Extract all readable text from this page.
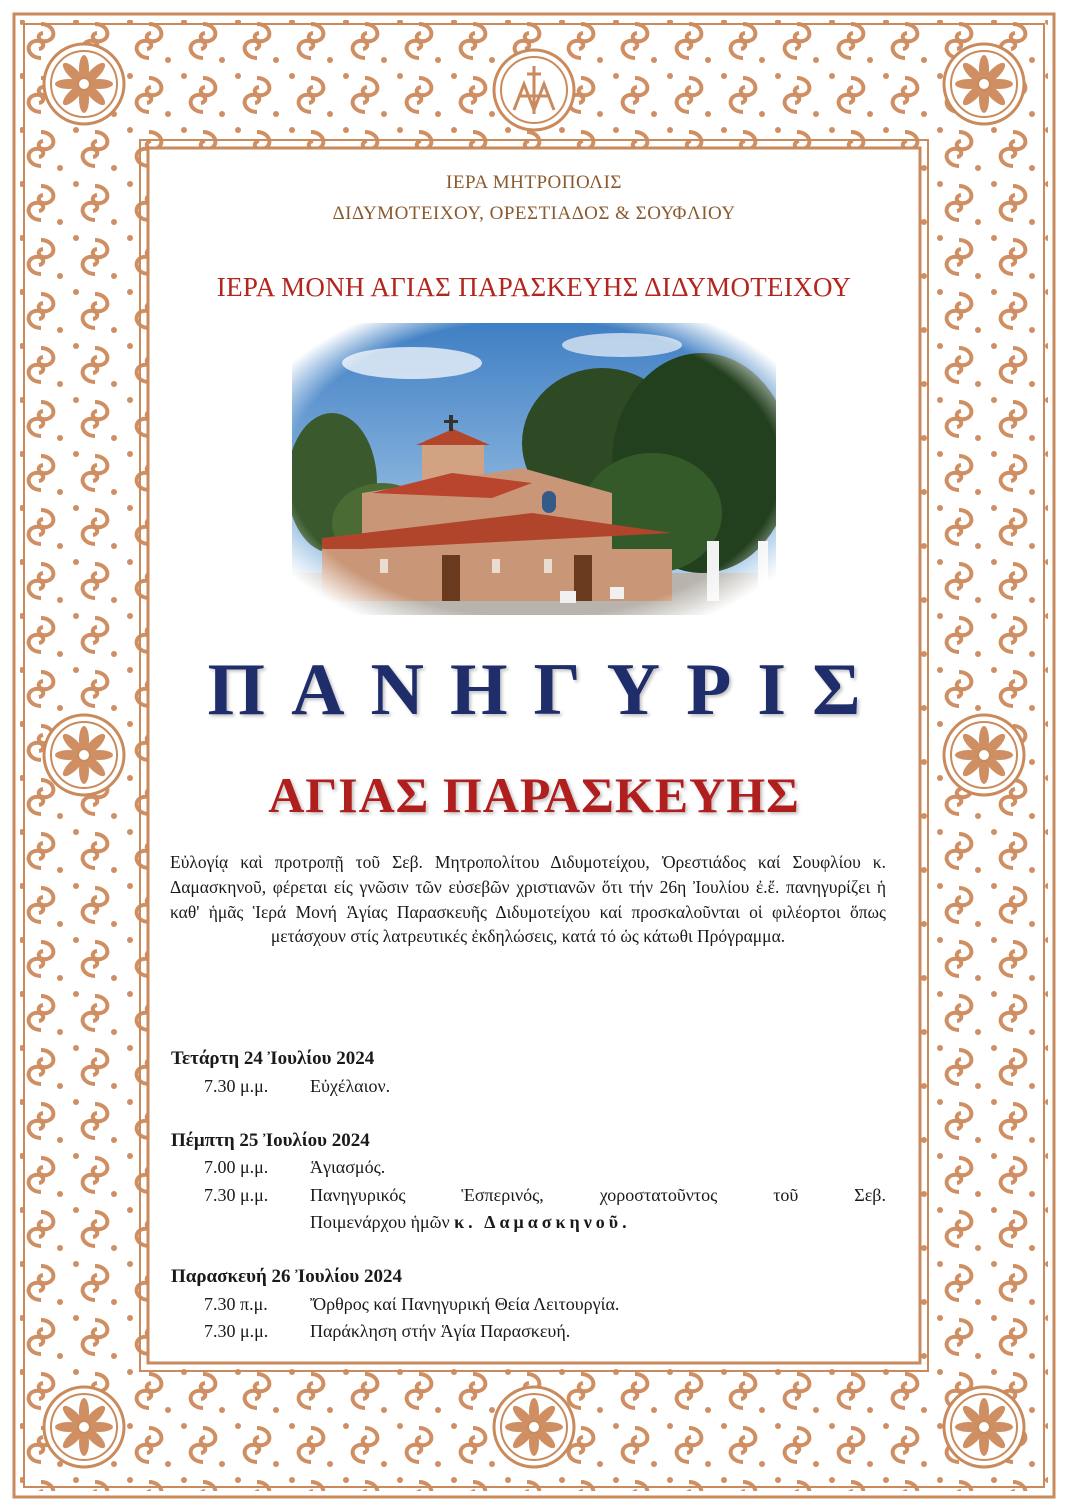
ΙΕΡΑ ΜΗΤΡΟΠΟΛΙΣ
ΔΙΔΥΜΟΤΕΙΧΟΥ, ΟΡΕΣΤΙΑΔΟΣ & ΣΟΥΦΛΙΟΥ
ΙΕΡΑ ΜΟΝΗ ΑΓΙΑΣ ΠΑΡΑΣΚΕΥΗΣ ΔΙΔΥΜΟΤΕΙΧΟΥ
ΠΑΝΗΓΥΡΙΣ
ΑΓΙΑΣ ΠΑΡΑΣΚΕΥΗΣ
Εὐλογίᾳ καὶ προτροπῇ τοῦ Σεβ. Μητροπολίτου Διδυμοτείχου, Ὀρεστιάδος καί Σουφλίου κ. Δαμασκηνοῦ, φέρεται είς γνῶσιν τῶν εὐσεβῶν χριστιανῶν ὅτι τήν 26η Ἰουλίου ἐ.ἔ. πανηγυρίζει ἡ καθ' ἡμᾶς Ἱερά Μονή Ἁγίας Παρασκευῆς Διδυμοτείχου καί προσκαλοῦνται οἱ φιλέορτοι ὅπως μετάσχουν στίς λατρευτικές ἐκδηλώσεις, κατά τό ὡς κάτωθι Πρόγραμμα.
Τετάρτη 24 Ἰουλίου 2024
7.30 μ.μ. Εὐχέλαιον.
Πέμπτη 25 Ἰουλίου 2024
7.00 μ.μ. Ἁγιασμός.
7.30 μ.μ. Πανηγυρικός	Ἑσπερινός,	χοροστατοῦντος	τοῦ	Σεβ.
Ποιμενάρχου ἡμῶν κ. Δαμασκηνοῦ.
Παρασκευή 26 Ἰουλίου 2024
7.30 π.μ. Ὄρθρος καί Πανηγυρική Θεία Λειτουργία.
7.30 μ.μ. Παράκληση στήν Ἁγία Παρασκευή.
